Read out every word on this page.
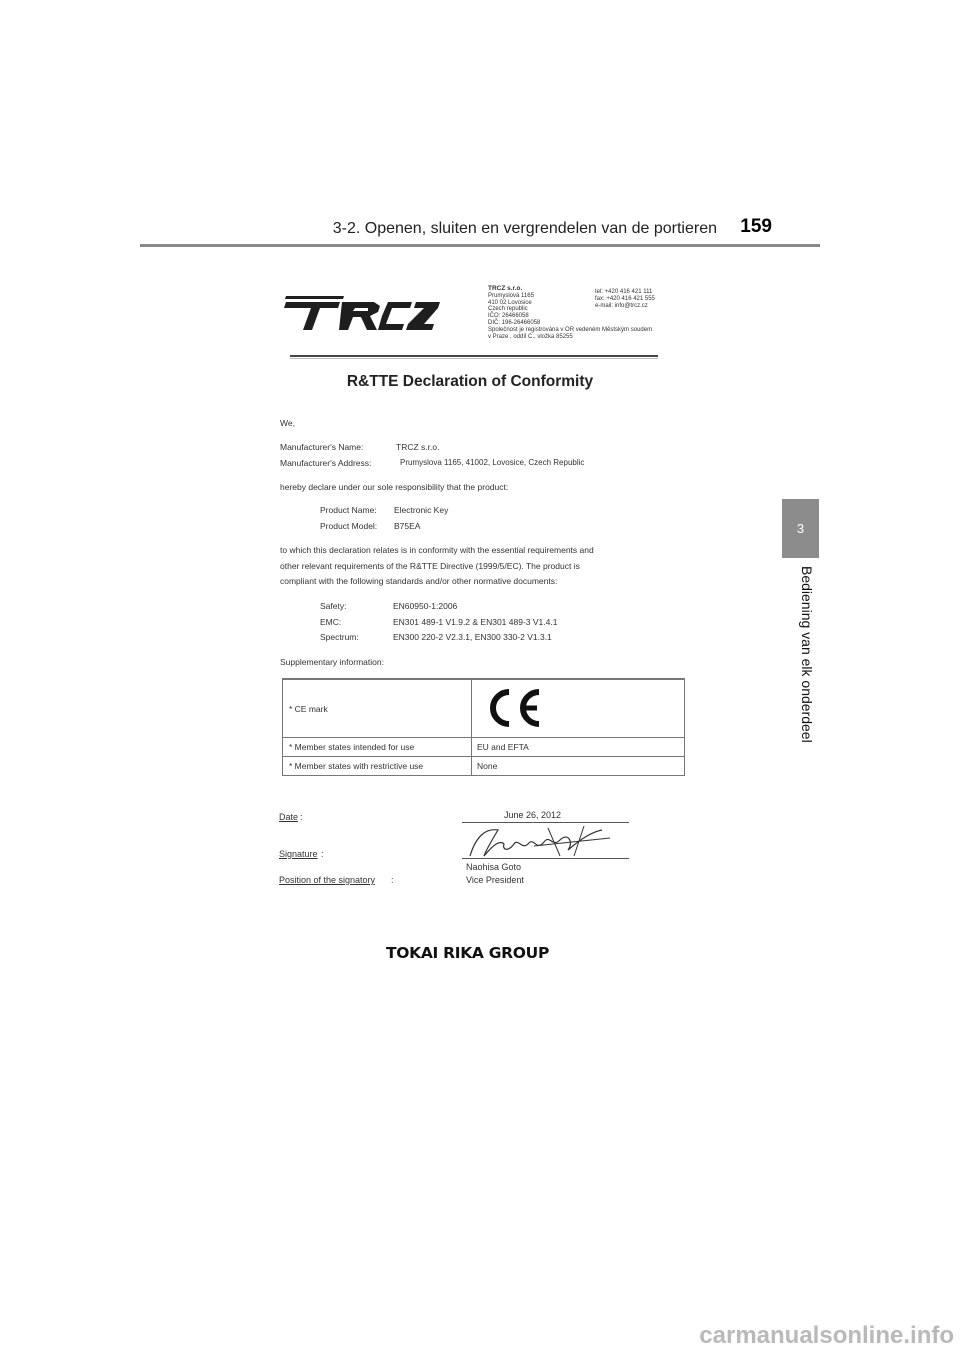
3-2. Openen, sluiten en vergrendelen van de portieren 159
3
Bediening van elk onderdeel
TRCZ s.r.o.
Prumyslová 1165
410 02 Lovosice
Czech republic
IČO: 26466058
DIČ: 196-26466058
Společnost je registrována v OR vedeném Městským soudem
v Praze , oddíl C., vložka 85255
tel: +420 416 421 111
fax: +420 416 421 555
e-mail: info@trcz.cz
R&TTE Declaration of Conformity
We,
Manufacturer's Name:	TRCZ s.r.o.
Manufacturer's Address:	Prumyslova 1165, 41002, Lovosice, Czech Republic
hereby declare under our sole responsibility that the product:
Product Name: Electronic Key
Product Model: B75EA
to which this declaration relates is in conformity with the essential requirements and
other relevant requirements of the R&TTE Directive (1999/5/EC). The product is
compliant with the following standards and/or other normative documents:
Safety:	EN60950-1:2006
EMC:	EN301 489-1 V1.9.2 & EN301 489-3 V1.4.1
Spectrum:	EN300 220-2 V2.3.1, EN300 330-2 V1.3.1
Supplementary information:
* CE mark
* Member states intended for use	EU and EFTA
* Member states with restrictive use	None
Date :	June 26, 2012
Signature :
Naohisa Goto
Position of the signatory :	Vice President
TOKAI RIKA GROUP
carmanualsonline.info
